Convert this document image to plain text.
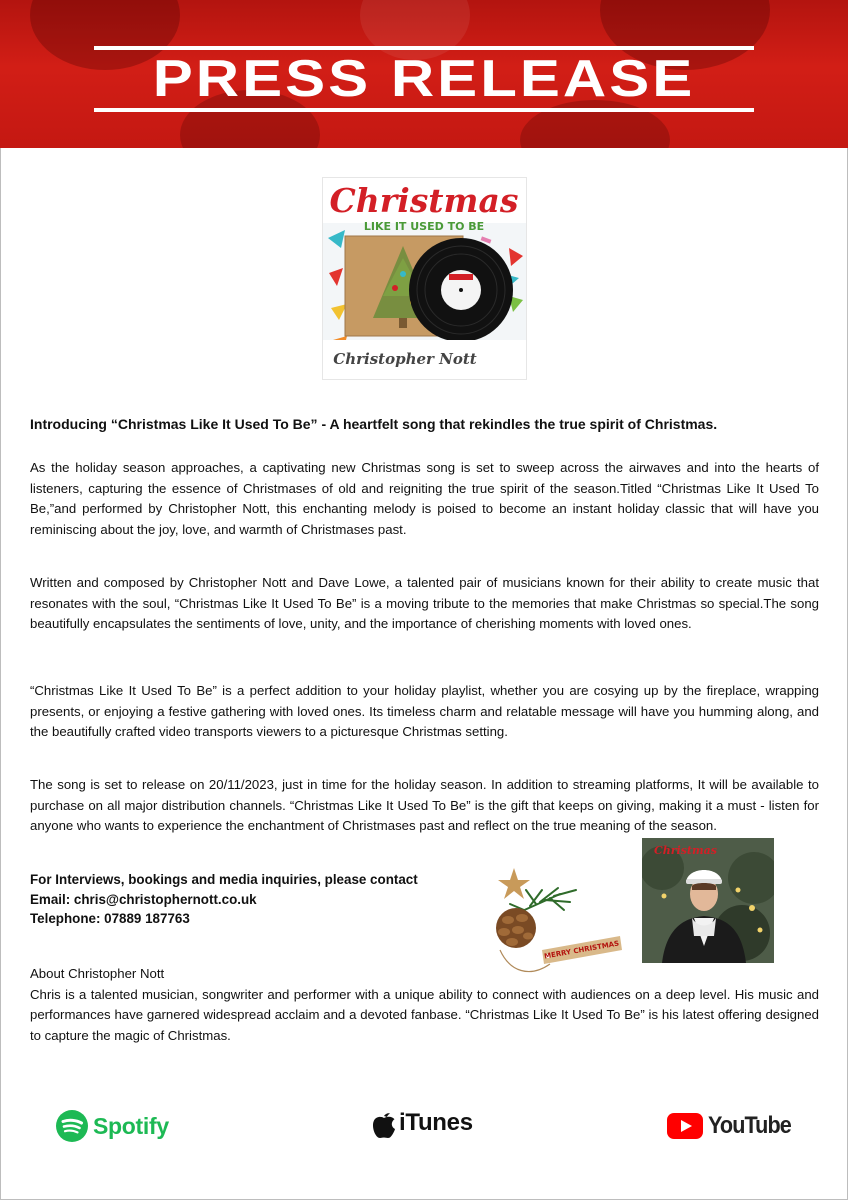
PRESS RELEASE
Christmas
LIKE IT USED TO BE
Christopher Nott
Introducing “Christmas Like It Used To Be” - A heartfelt song that rekindles the true spirit of Christmas.
As the holiday season approaches, a captivating new Christmas song is set to sweep across the airwaves and into the hearts of listeners, capturing the essence of Christmases of old and reigniting the true spirit of the season.Titled “Christmas Like It Used To Be,”and performed by Christopher Nott, this enchanting melody is poised to become an instant holiday classic that will have you reminiscing about the joy, love, and warmth of Christmases past.
Written and composed by Christopher Nott and Dave Lowe, a talented pair of musicians known for their ability to create music that resonates with the soul, “Christmas Like It Used To Be” is a moving tribute to the memories that make Christmas so special.The song beautifully encapsulates the sentiments of love, unity, and the importance of cherishing moments with loved ones.
“Christmas Like It Used To Be” is a perfect addition to your holiday playlist, whether you are cosying up by the fireplace, wrapping presents, or enjoying a festive gathering with loved ones. Its timeless charm and relatable message will have you humming along, and the beautifully crafted video transports viewers to a picturesque Christmas setting.
The song is set to release on 20/11/2023, just in time for the holiday season. In addition to streaming platforms, It will be available to purchase on all major distribution channels. “Christmas Like It Used To Be” is the gift that keeps on giving, making it a must - listen for anyone who wants to experience the enchantment of Christmases past and reflect on the true meaning of the season.
For Interviews, bookings and media inquiries, please contact
Email: chris@christophernott.co.uk
Telephone: 07889 187763
MERRY CHRISTMAS
Christmas
About Christopher Nott
Chris is a talented musician, songwriter and performer with a unique ability to connect with audiences on a deep level. His music and performances have garnered widespread acclaim and a devoted fanbase. “Christmas Like It Used To Be” is his latest offering designed to capture the magic of Christmas.
Spotify	iTunes	YouTube
